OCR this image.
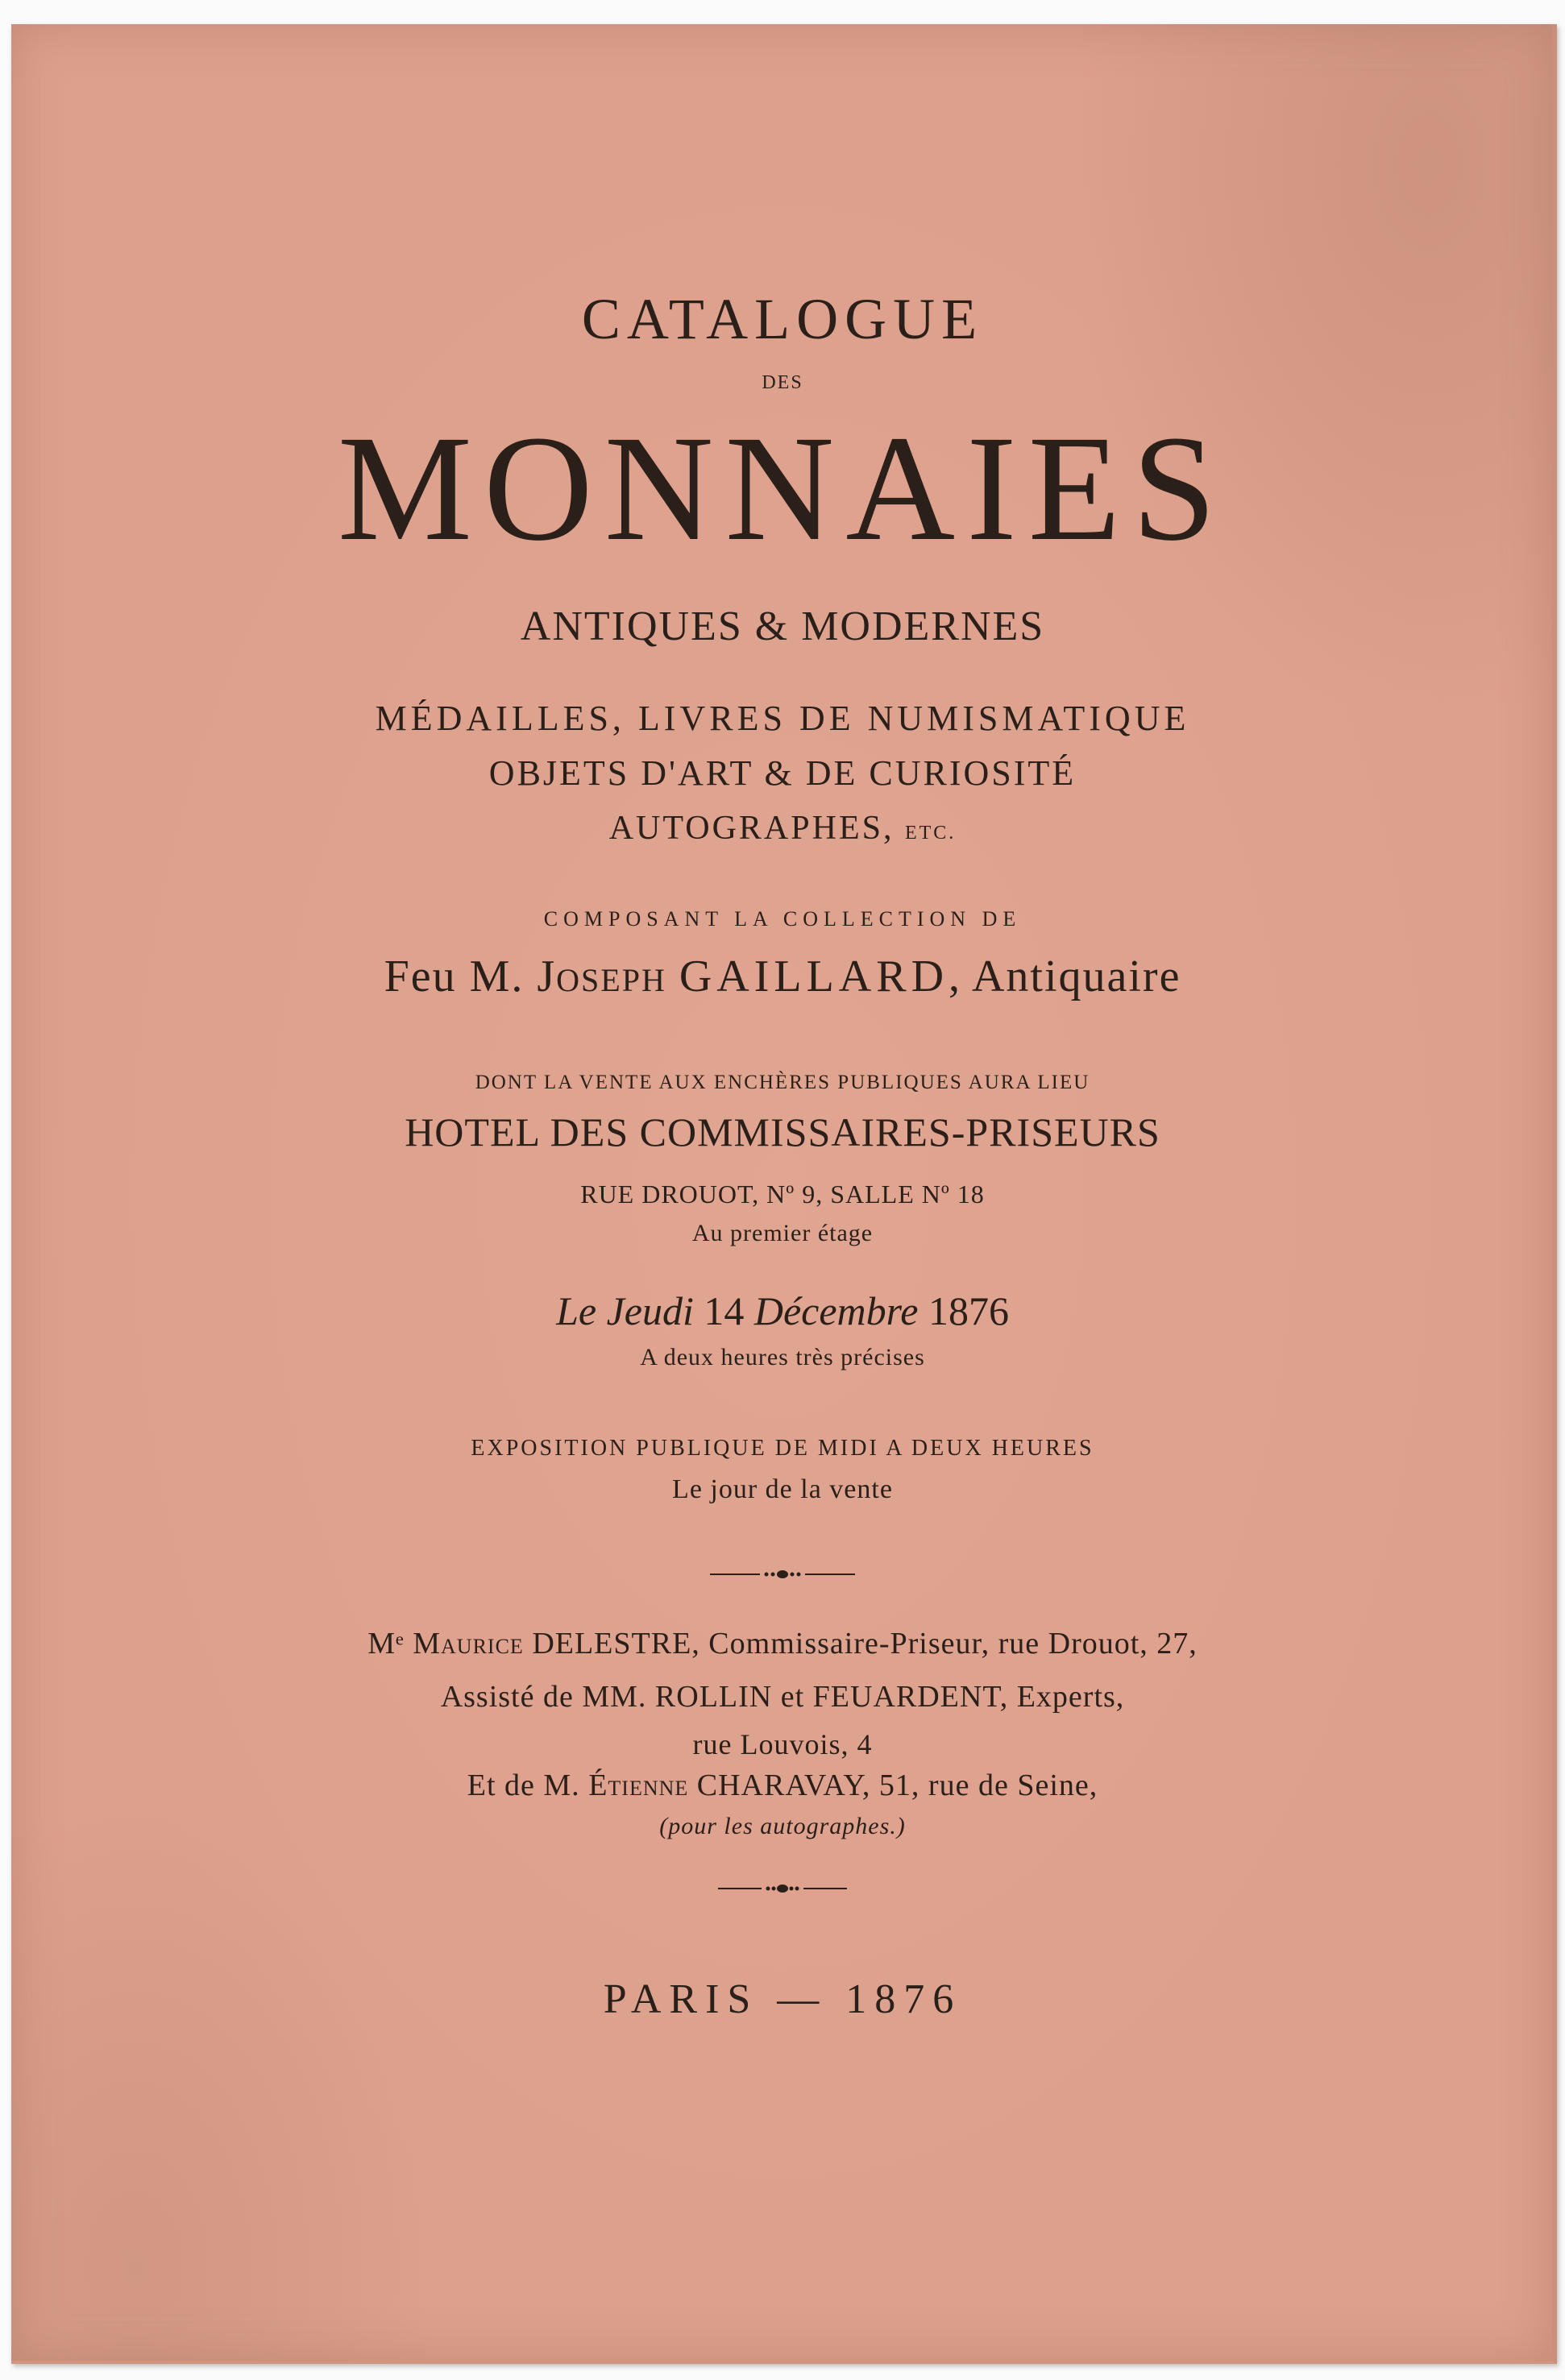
CATALOGUE

DES

MONNAIES

ANTIQUES & MODERNES

MÉDAILLES, LIVRES DE NUMISMATIQUE

OBJETS D'ART & DE CURIOSITÉ

AUTOGRAPHES, ETC.

COMPOSANT LA COLLECTION DE

Feu M. JOSEPH GAILLARD, Antiquaire

DONT LA VENTE AUX ENCHÈRES PUBLIQUES AURA LIEU

HOTEL DES COMMISSAIRES-PRISEURS

RUE DROUOT, Nº 9, SALLE Nº 18

Au premier étage

Le Jeudi 14 Décembre 1876

A deux heures très précises

EXPOSITION PUBLIQUE DE MIDI A DEUX HEURES

Le jour de la vente

Mᵉ MAURICE DELESTRE, Commissaire-Priseur, rue Drouot, 27,

Assisté de MM. ROLLIN et FEUARDENT, Experts,

rue Louvois, 4

Et de M. ÉTIENNE CHARAVAY, 51, rue de Seine,

(pour les autographes.)

PARIS — 1876
